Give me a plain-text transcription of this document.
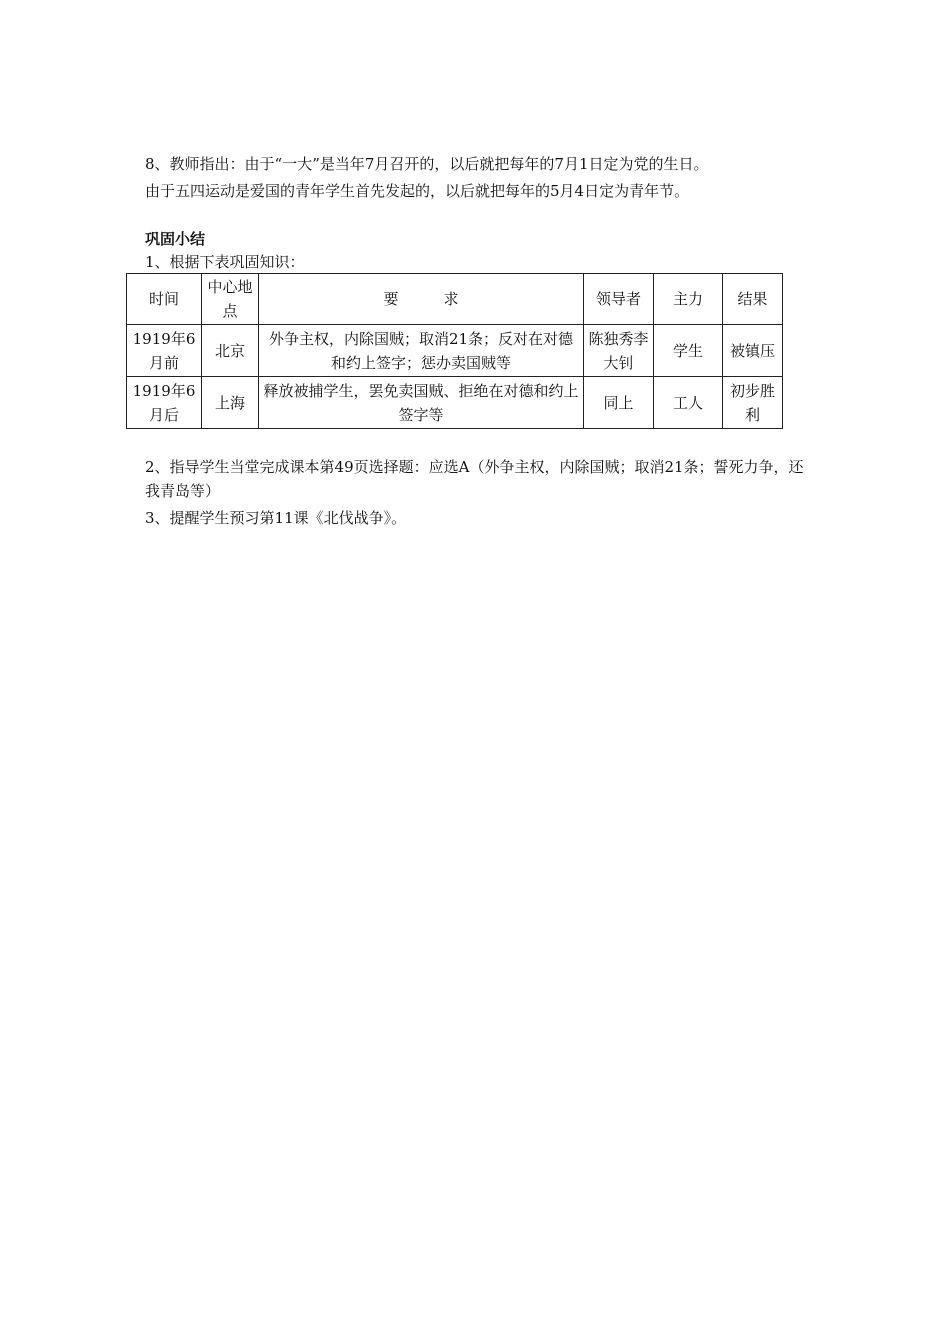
8、教师指出：由于“一大”是当年7月召开的，以后就把每年的7月1日定为党的生日。
由于五四运动是爱国的青年学生首先发起的，以后就把每年的5月4日定为青年节。
巩固小结
1、根据下表巩固知识：
时间	中心地点	要　　　求	领导者	主力	结果
1919年6 月前	北京	外争主权，内除国贼；取消21条；反对在对德和约上签字；惩办卖国贼等	陈独秀李大钊	学生	被镇压
1919年6月后	上海	释放被捕学生，罢免卖国贼、拒绝在对德和约上签字等	同上	工人	初步胜利
2、指导学生当堂完成课本第49页选择题：应选A（外争主权，内除国贼；取消21条；誓死力争，还我青岛等）
3、提醒学生预习第11课《北伐战争》。
